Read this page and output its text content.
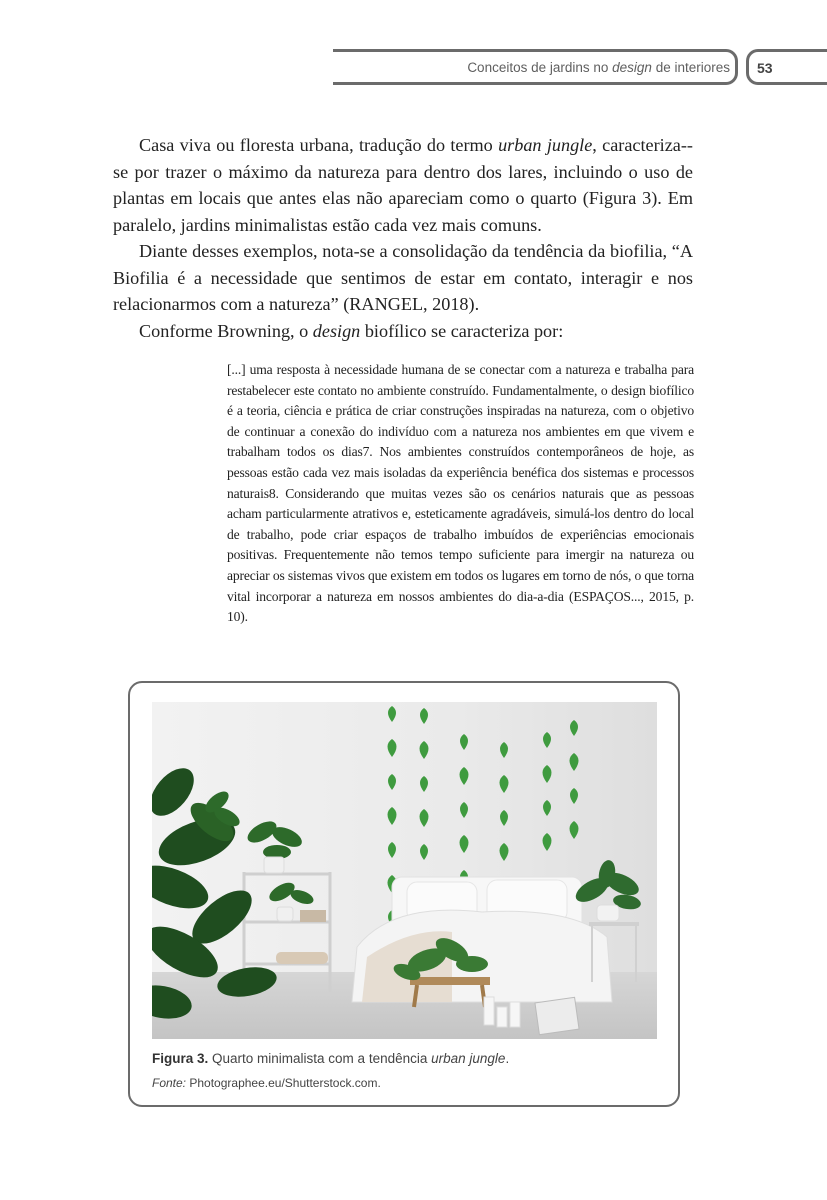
Conceitos de jardins no design de interiores 53

Casa viva ou floresta urbana, tradução do termo urban jungle, caracteriza--se por trazer o máximo da natureza para dentro dos lares, incluindo o uso de plantas em locais que antes elas não apareciam como o quarto (Figura 3). Em paralelo, jardins minimalistas estão cada vez mais comuns.

Diante desses exemplos, nota-se a consolidação da tendência da biofilia, “A Biofilia é a necessidade que sentimos de estar em contato, interagir e nos relacionarmos com a natureza” (RANGEL, 2018).

Conforme Browning, o design biofílico se caracteriza por:

[...] uma resposta à necessidade humana de se conectar com a natureza e trabalha para restabelecer este contato no ambiente construído. Fundamentalmente, o design biofílico é a teoria, ciência e prática de criar construções inspiradas na natureza, com o objetivo de continuar a conexão do indivíduo com a natureza nos ambientes em que vivem e trabalham todos os dias7. Nos ambientes construídos contemporâneos de hoje, as pessoas estão cada vez mais isoladas da experiência benéfica dos sistemas e processos naturais8. Considerando que muitas vezes são os cenários naturais que as pessoas acham particularmente atrativos e, esteticamente agradáveis, simulá-los dentro do local de trabalho, pode criar espaços de trabalho imbuídos de experiências emocionais positivas. Frequentemente não temos tempo suficiente para imergir na natureza ou apreciar os sistemas vivos que existem em todos os lugares em torno de nós, o que torna vital incorporar a natureza em nossos ambientes do dia-a-dia (ESPAÇOS..., 2015, p. 10).
Figura 3. Quarto minimalista com a tendência urban jungle.
Fonte: Photographee.eu/Shutterstock.com.
